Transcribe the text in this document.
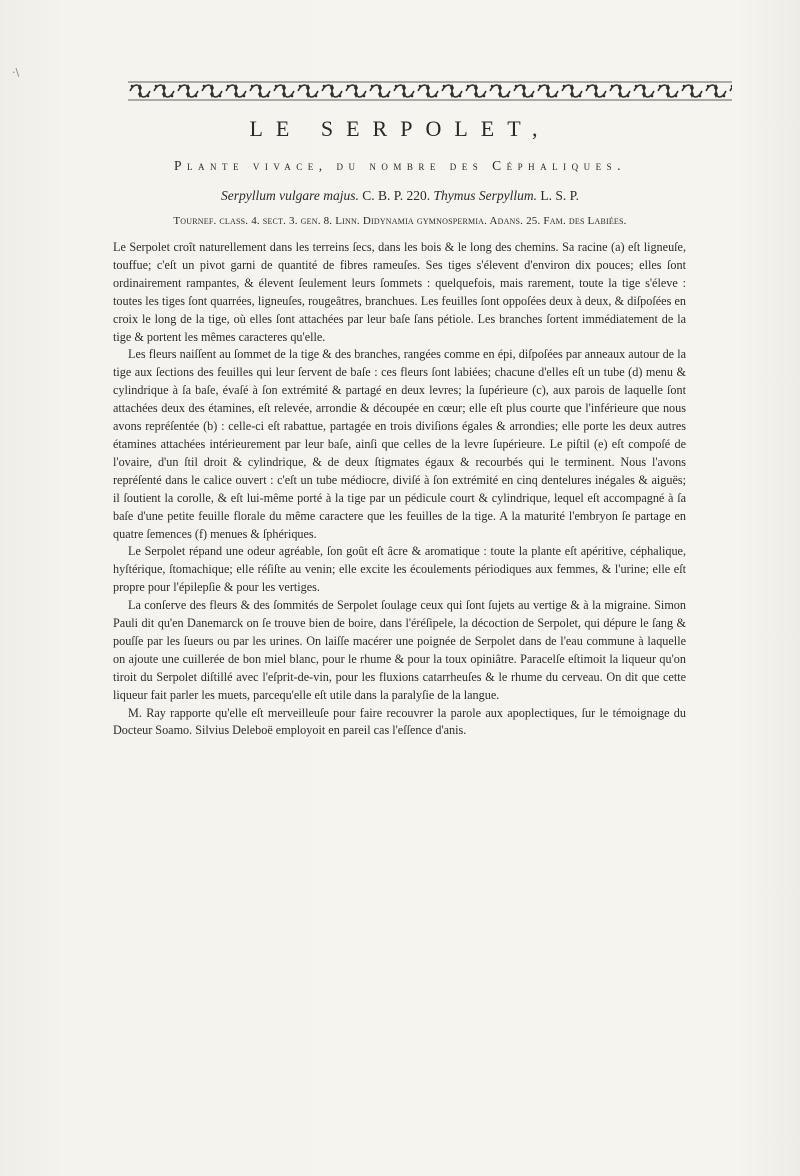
·\
LE SERPOLET,
Plante vivace, du nombre des Céphaliques.
Serpyllum vulgare majus. C. B. P. 220. Thymus Serpyllum. L. S. P.
Tournef. claſſ. 4. ſect. 3. gen. 8. Linn. Didynamia gymnoſpermia. Adans. 25. Fam. des Labiées.

Le Serpolet croît naturellement dans les terreins ſecs, dans les bois & le long des chemins. Sa racine (a) eſt ligneuſe, touffue; c'eſt un pivot garni de quantité de fibres rameuſes. Ses tiges s'élevent d'environ dix pouces; elles ſont ordinairement rampantes, & élevent ſeulement leurs ſommets : quelquefois, mais rarement, toute la tige s'éleve : toutes les tiges ſont quarrées, ligneuſes, rougeâtres, branchues. Les feuilles ſont oppoſées deux à deux, & diſpoſées en croix le long de la tige, où elles ſont attachées par leur baſe ſans pétiole. Les branches ſortent immédiatement de la tige & portent les mêmes caracteres qu'elle.

Les fleurs naiſſent au ſommet de la tige & des branches, rangées comme en épi, diſpoſées par anneaux autour de la tige aux ſections des feuilles qui leur ſervent de baſe : ces fleurs ſont labiées; chacune d'elles eſt un tube (d) menu & cylindrique à ſa baſe, évaſé à ſon extrémité & partagé en deux levres; la ſupérieure (c), aux parois de laquelle ſont attachées deux des étamines, eſt relevée, arrondie & découpée en cœur; elle eſt plus courte que l'inférieure que nous avons repréſentée (b) : celle-ci eſt rabattue, partagée en trois diviſions égales & arrondies; elle porte les deux autres étamines attachées intérieurement par leur baſe, ainſi que celles de la levre ſupérieure. Le piſtil (e) eſt compoſé de l'ovaire, d'un ſtil droit & cylindrique, & de deux ſtigmates égaux & recourbés qui le terminent. Nous l'avons repréſenté dans le calice ouvert : c'eſt un tube médiocre, diviſé à ſon extrémité en cinq dentelures inégales & aiguës; il ſoutient la corolle, & eſt lui-même porté à la tige par un pédicule court & cylindrique, lequel eſt accompagné à ſa baſe d'une petite feuille florale du même caractere que les feuilles de la tige. A la maturité l'embryon ſe partage en quatre ſemences (f) menues & ſphériques.

Le Serpolet répand une odeur agréable, ſon goût eſt âcre & aromatique : toute la plante eſt apéritive, céphalique, hyſtérique, ſtomachique; elle réſiſte au venin; elle excite les écoulements périodiques aux femmes, & l'urine; elle eſt propre pour l'épilepſie & pour les vertiges.

La conſerve des fleurs & des ſommités de Serpolet ſoulage ceux qui ſont ſujets au vertige & à la migraine. Simon Pauli dit qu'en Danemarck on ſe trouve bien de boire, dans l'éréſipele, la décoction de Serpolet, qui dépure le ſang & pouſſe par les ſueurs ou par les urines. On laiſſe macérer une poignée de Serpolet dans de l'eau commune à laquelle on ajoute une cuillerée de bon miel blanc, pour le rhume & pour la toux opiniâtre. Paracelſe eſtimoit la liqueur qu'on tiroit du Serpolet diſtillé avec l'eſprit-de-vin, pour les fluxions catarrheuſes & le rhume du cerveau. On dit que cette liqueur fait parler les muets, parcequ'elle eſt utile dans la paralyſie de la langue.

M. Ray rapporte qu'elle eſt merveilleuſe pour faire recouvrer la parole aux apoplectiques, ſur le témoignage du Docteur Soamo. Silvius Deleboë employoit en pareil cas l'eſſence d'anis.
